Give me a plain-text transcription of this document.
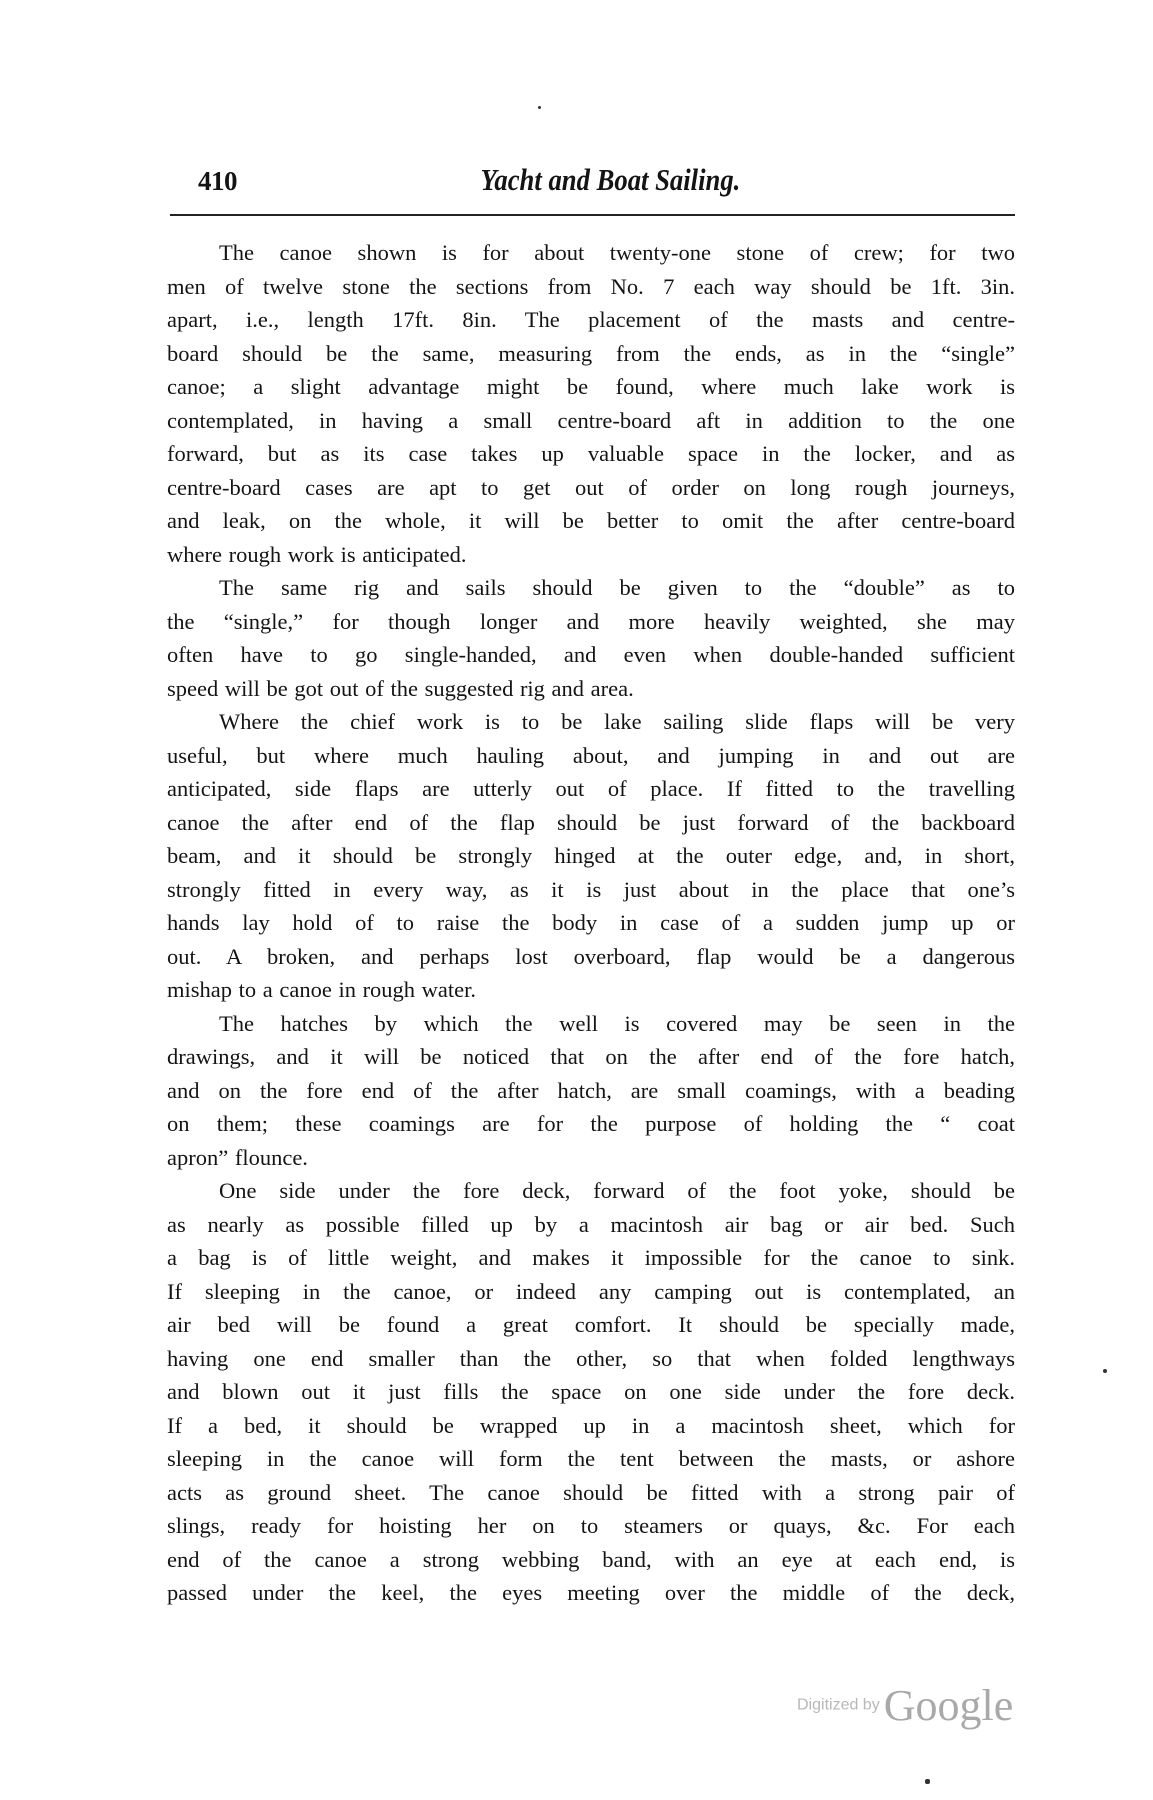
410	Yacht and Boat Sailing.
The canoe shown is for about twenty-one stone of crew; for two
men of twelve stone the sections from No. 7 each way should be 1ft. 3in.
apart, i.e., length 17ft. 8in. The placement of the masts and centre-
board should be the same, measuring from the ends, as in the “single”
canoe; a slight advantage might be found, where much lake work is
contemplated, in having a small centre-board aft in addition to the one
forward, but as its case takes up valuable space in the locker, and as
centre-board cases are apt to get out of order on long rough journeys,
and leak, on the whole, it will be better to omit the after centre-board
where rough work is anticipated.
The same rig and sails should be given to the “double” as to
the “single,” for though longer and more heavily weighted, she may
often have to go single-handed, and even when double-handed sufficient
speed will be got out of the suggested rig and area.
Where the chief work is to be lake sailing slide flaps will be very
useful, but where much hauling about, and jumping in and out are
anticipated, side flaps are utterly out of place. If fitted to the travelling
canoe the after end of the flap should be just forward of the backboard
beam, and it should be strongly hinged at the outer edge, and, in short,
strongly fitted in every way, as it is just about in the place that one’s
hands lay hold of to raise the body in case of a sudden jump up or
out. A broken, and perhaps lost overboard, flap would be a dangerous
mishap to a canoe in rough water.
The hatches by which the well is covered may be seen in the
drawings, and it will be noticed that on the after end of the fore hatch,
and on the fore end of the after hatch, are small coamings, with a beading
on them; these coamings are for the purpose of holding the “ coat
apron” flounce.
One side under the fore deck, forward of the foot yoke, should be
as nearly as possible filled up by a macintosh air bag or air bed. Such
a bag is of little weight, and makes it impossible for the canoe to sink.
If sleeping in the canoe, or indeed any camping out is contemplated, an
air bed will be found a great comfort. It should be specially made,
having one end smaller than the other, so that when folded lengthways
and blown out it just fills the space on one side under the fore deck.
If a bed, it should be wrapped up in a macintosh sheet, which for
sleeping in the canoe will form the tent between the masts, or ashore
acts as ground sheet. The canoe should be fitted with a strong pair of
slings, ready for hoisting her on to steamers or quays, &c. For each
end of the canoe a strong webbing band, with an eye at each end, is
passed under the keel, the eyes meeting over the middle of the deck,
Digitized by Google
